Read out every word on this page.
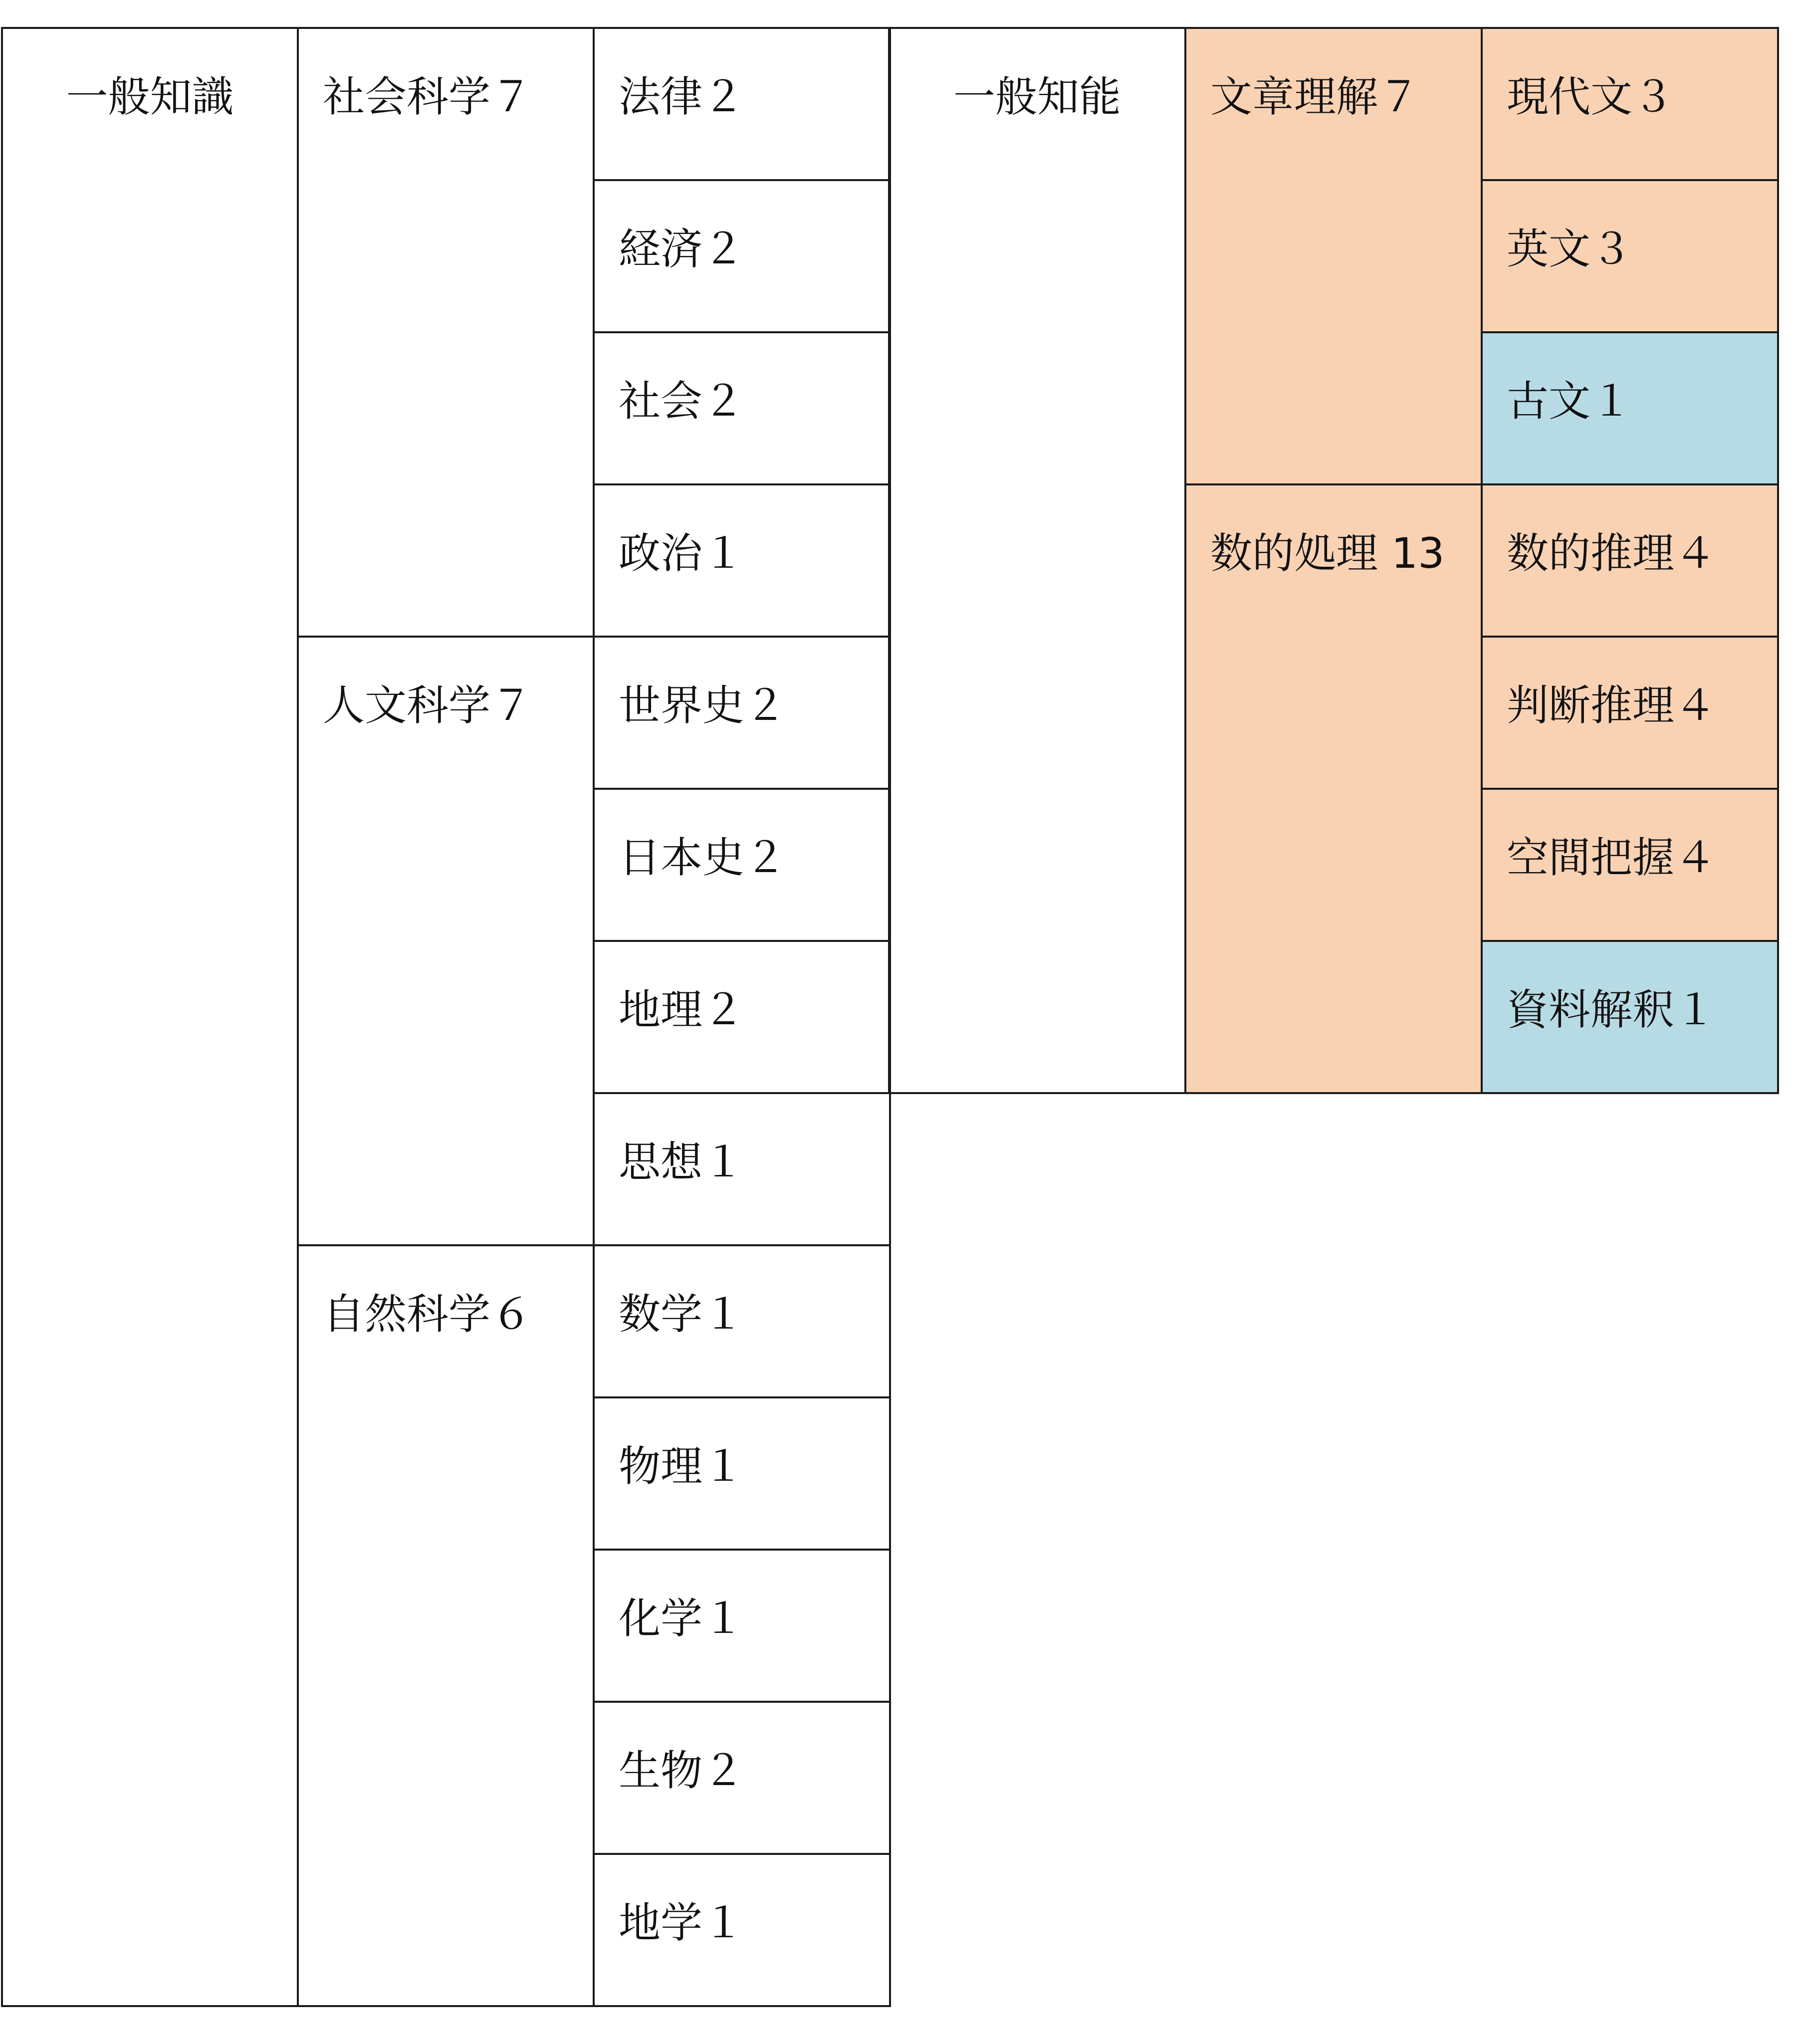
一般知識	社会科学７	法律２
		経済２
		社会２
		政治１
	人文科学７	世界史２
		日本史２
		地理２
		思想１
	自然科学６	数学１
		物理１
		化学１
		生物２
		地学１
一般知能	文章理解７	現代文３
		英文３
		古文１
	数的処理 13	数的推理４
		判断推理４
		空間把握４
		資料解釈１
